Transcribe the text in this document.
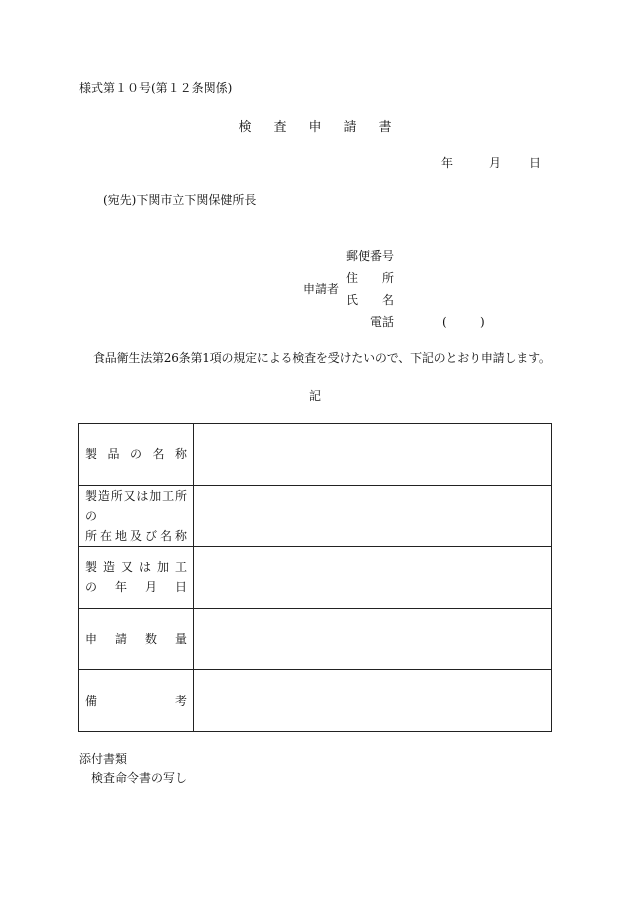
様式第１０号(第１２条関係)
検査申請書
年	月 日
(宛先)下関市立下関保健所長
申請者
郵便番号
住所
氏名
電話	(	)
食品衛生法第26条第1項の規定による検査を受けたいので、下記のとおり申請します。
記
製品の名称	

製造所又は加工所の
所在地及び名称	

製造又は加工
の　年　月　日	

申請数量	

備考	

添付書類
検査命令書の写し
